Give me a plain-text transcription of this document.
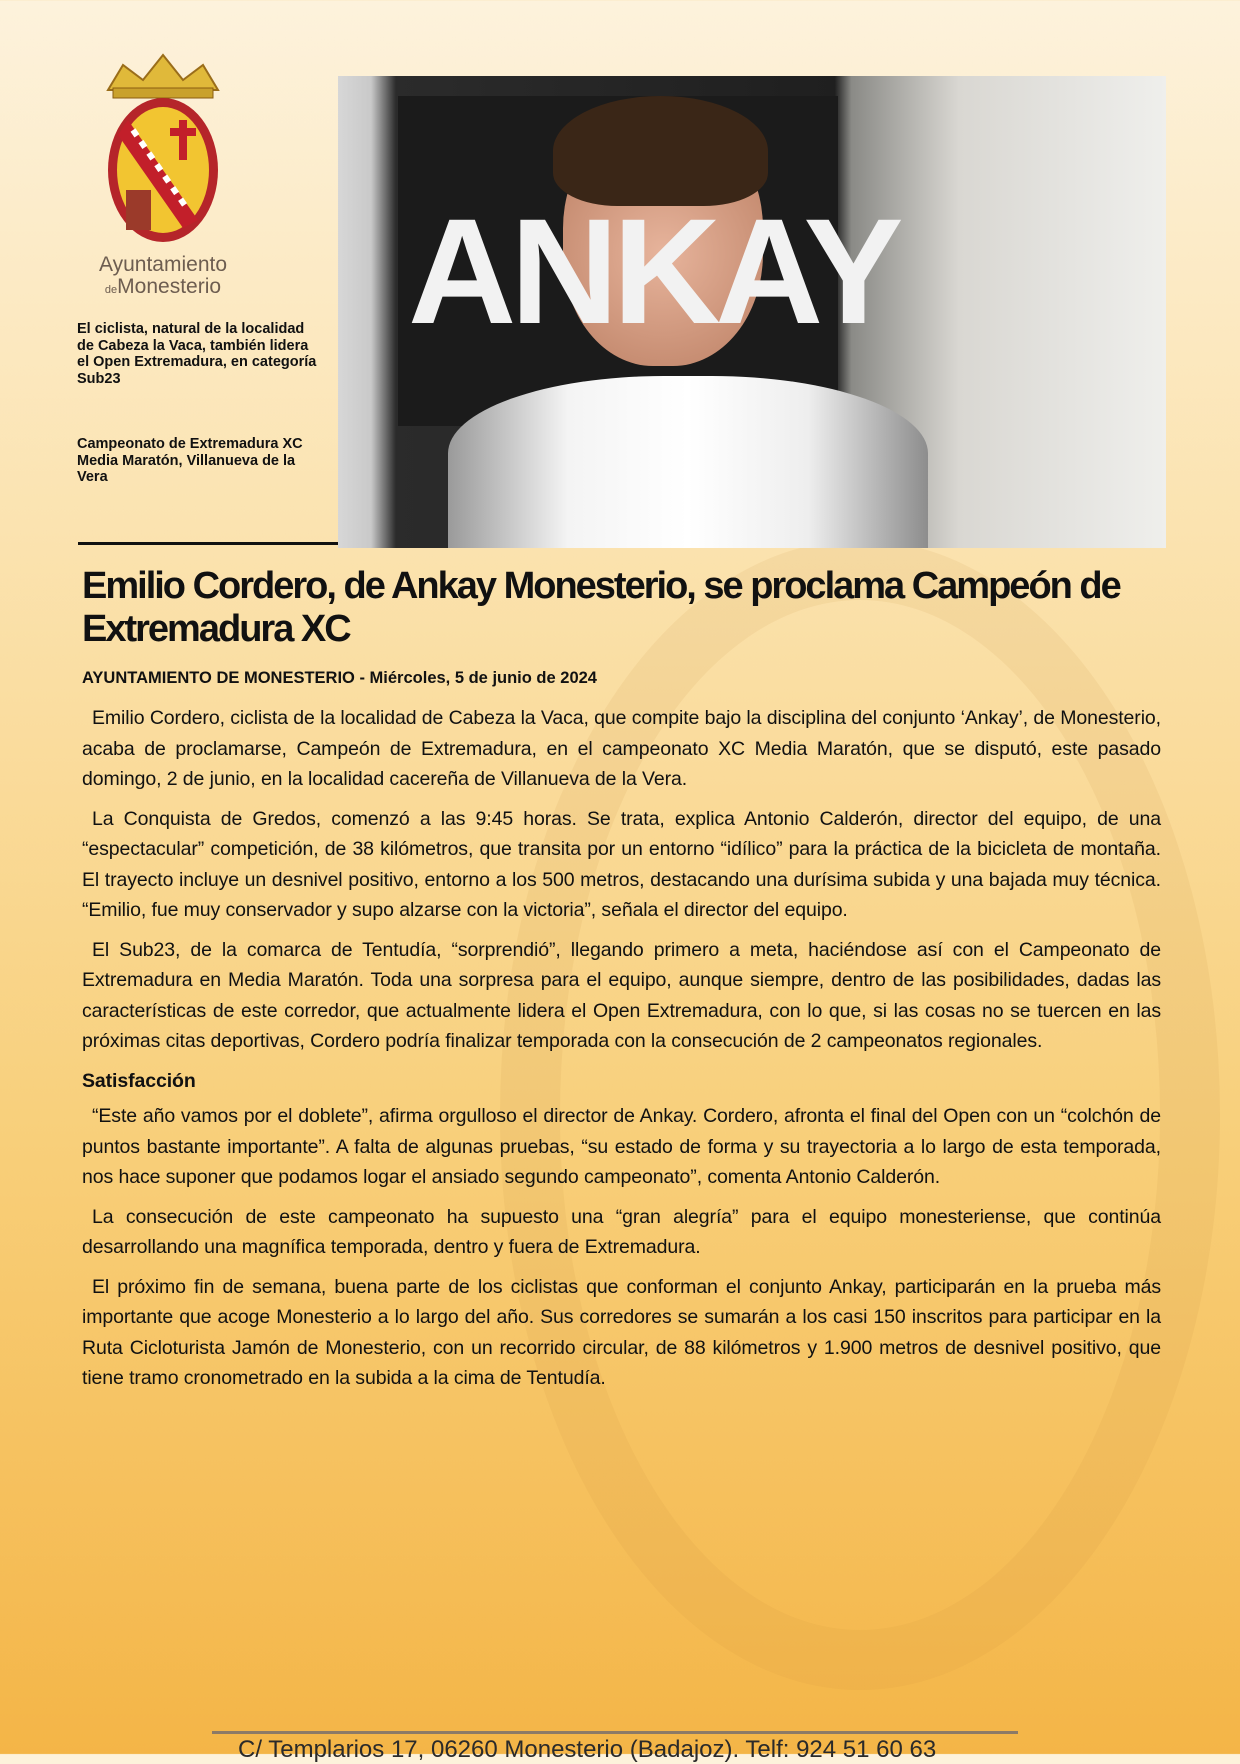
Ayuntamiento
deMonesterio
El ciclista, natural de la localidad de Cabeza la Vaca, también lidera el Open Extremadura, en categoría Sub23
Campeonato de Extremadura XC Media Maratón, Villanueva de la Vera
ANKAY
Emilio Cordero, de Ankay Monesterio, se proclama Campeón de Extremadura XC
AYUNTAMIENTO DE MONESTERIO - Miércoles, 5 de junio de 2024

Emilio Cordero, ciclista de la localidad de Cabeza la Vaca, que compite bajo la disciplina del conjunto ‘Ankay’, de Monesterio, acaba de proclamarse, Campeón de Extremadura, en el campeonato XC Media Maratón, que se disputó, este pasado domingo, 2 de junio, en la localidad cacereña de Villanueva de la Vera.

La Conquista de Gredos, comenzó a las 9:45 horas. Se trata, explica Antonio Calderón, director del equipo, de una “espectacular” competición, de 38 kilómetros, que transita por un entorno “idílico” para la práctica de la bicicleta de montaña. El trayecto incluye un desnivel positivo, entorno a los 500 metros, destacando una durísima subida y una bajada muy técnica. “Emilio, fue muy conservador y supo alzarse con la victoria”, señala el director del equipo.

El Sub23, de la comarca de Tentudía, “sorprendió”, llegando primero a meta, haciéndose así con el Campeonato de Extremadura en Media Maratón. Toda una sorpresa para el equipo, aunque siempre, dentro de las posibilidades, dadas las características de este corredor, que actualmente lidera el Open Extremadura, con lo que, si las cosas no se tuercen en las próximas citas deportivas, Cordero podría finalizar temporada con la consecución de 2 campeonatos regionales.

Satisfacción

“Este año vamos por el doblete”, afirma orgulloso el director de Ankay. Cordero, afronta el final del Open con un “colchón de puntos bastante importante”. A falta de algunas pruebas, “su estado de forma y su trayectoria a lo largo de esta temporada, nos hace suponer que podamos logar el ansiado segundo campeonato”, comenta Antonio Calderón.

La consecución de este campeonato ha supuesto una “gran alegría” para el equipo monesteriense, que continúa desarrollando una magnífica temporada, dentro y fuera de Extremadura.

El próximo fin de semana, buena parte de los ciclistas que conforman el conjunto Ankay, participarán en la prueba más importante que acoge Monesterio a lo largo del año. Sus corredores se sumarán a los casi 150 inscritos para participar en la Ruta Cicloturista Jamón de Monesterio, con un recorrido circular, de 88 kilómetros y 1.900 metros de desnivel positivo, que tiene tramo cronometrado en la subida a la cima de Tentudía.

C/ Templarios 17, 06260 Monesterio (Badajoz). Telf: 924 51 60 63
